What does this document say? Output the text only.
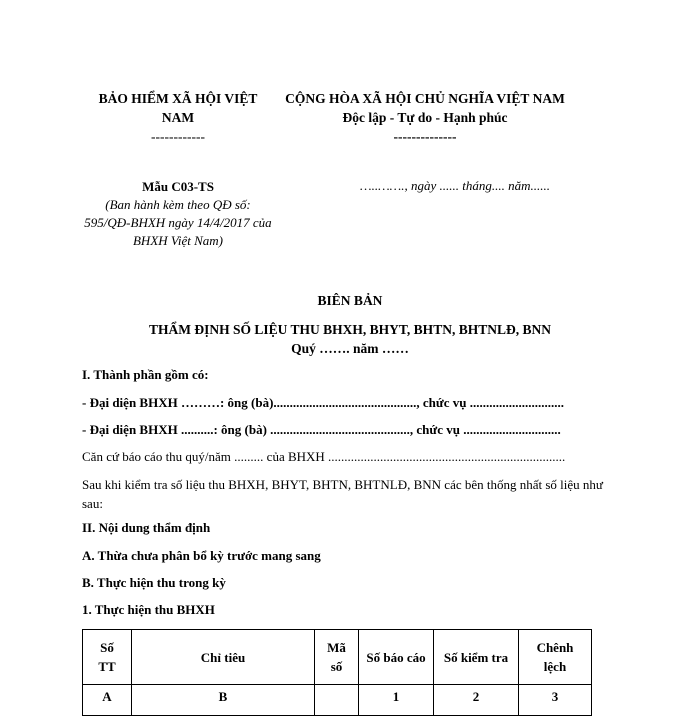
BẢO HIỂM XÃ HỘI VIỆT NAM
------------
CỘNG HÒA XÃ HỘI CHỦ NGHĨA VIỆT NAM
Độc lập - Tự do - Hạnh phúc
--------------
Mẫu C03-TS
(Ban hành kèm theo QĐ số: 595/QĐ-BHXH ngày 14/4/2017 của BHXH Việt Nam)
…..……., ngày ...... tháng.... năm......
BIÊN BẢN
THẨM ĐỊNH SỐ LIỆU THU BHXH, BHYT, BHTN, BHTNLĐ, BNN
Quý ……. năm ……
I. Thành phần gồm có:
- Đại diện BHXH ………: ông (bà)............................................, chức vụ .............................
- Đại diện BHXH ..........: ông (bà) ..........................................., chức vụ ..............................
Căn cứ báo cáo thu quý/năm ......... của BHXH .........................................................................
Sau khi kiểm tra số liệu thu BHXH, BHYT, BHTN, BHTNLĐ, BNN các bên thống nhất số liệu như sau:
II. Nội dung thẩm định
A. Thừa chưa phân bổ kỳ trước mang sang
B. Thực hiện thu trong kỳ
1. Thực hiện thu BHXH
Số TT	Chỉ tiêu	Mã số	Số báo cáo	Số kiểm tra	Chênh lệch

A	B		1	2	3
